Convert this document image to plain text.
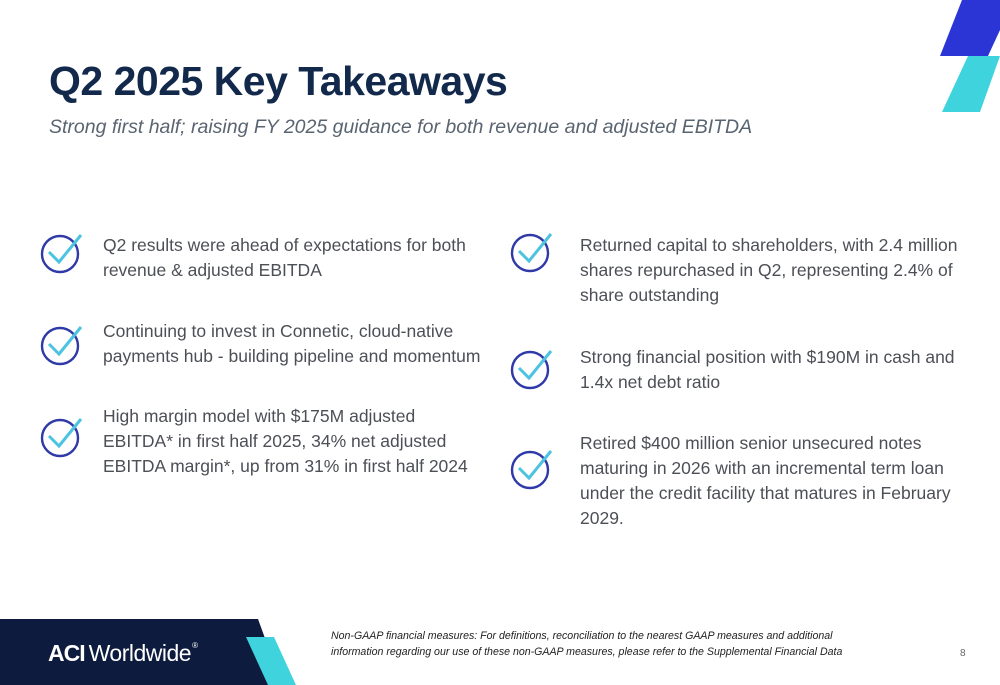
Q2 2025 Key Takeaways

Strong first half; raising FY 2025 guidance for both revenue and adjusted EBITDA

Q2 results were ahead of expectations for both revenue & adjusted EBITDA
Continuing to invest in Connetic, cloud-native payments hub - building pipeline and momentum
High margin model with $175M adjusted EBITDA* in first half 2025, 34% net adjusted EBITDA margin*, up from 31% in first half 2024
Returned capital to shareholders, with 2.4 million shares repurchased in Q2, representing 2.4% of share outstanding
Strong financial position with $190M in cash and 1.4x net debt ratio
Retired $400 million senior unsecured notes maturing in 2026 with an incremental term loan under the credit facility that matures in February 2029.
ACI Worldwide ®

Non-GAAP financial measures: For definitions, reconciliation to the nearest GAAP measures and additional information regarding our use of these non-GAAP measures, please refer to the Supplemental Financial Data	8
